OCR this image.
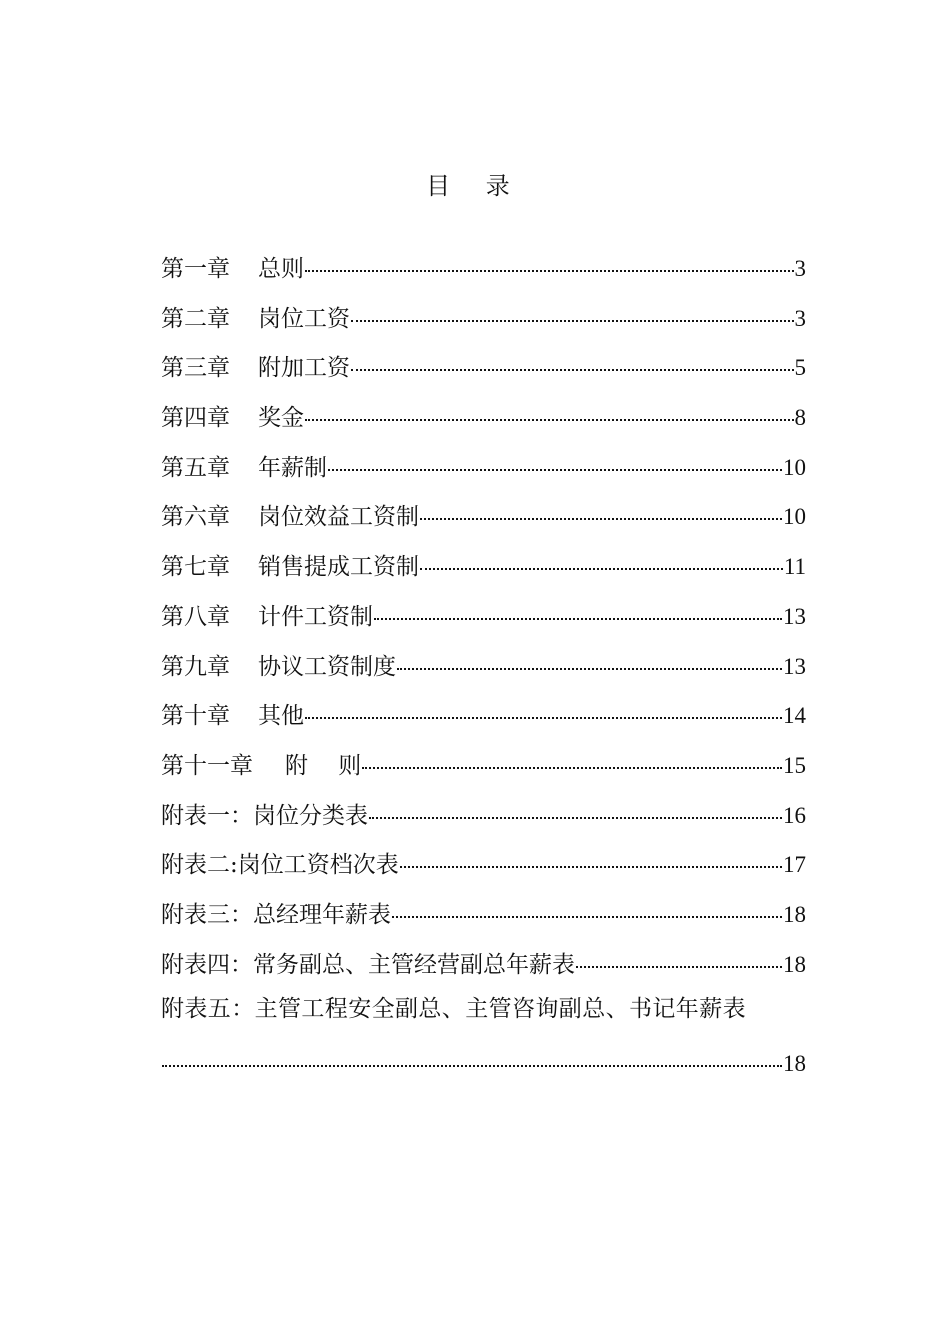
目 录
第一章 总则	3
第二章 岗位工资	3
第三章 附加工资	5
第四章 奖金	8
第五章 年薪制	10
第六章 岗位效益工资制	10
第七章 销售提成工资制	11
第八章 计件工资制	13
第九章 协议工资制度	13
第十章 其他	14
第十一章 附　 则	15
附表一： 岗位分类表	16
附表二: 岗位工资档次表	17
附表三： 总经理年薪表	18
附表四： 常务副总、主管经营副总年薪表	18
附表五：主管工程安全副总、主管咨询副总、书记年薪表
18
